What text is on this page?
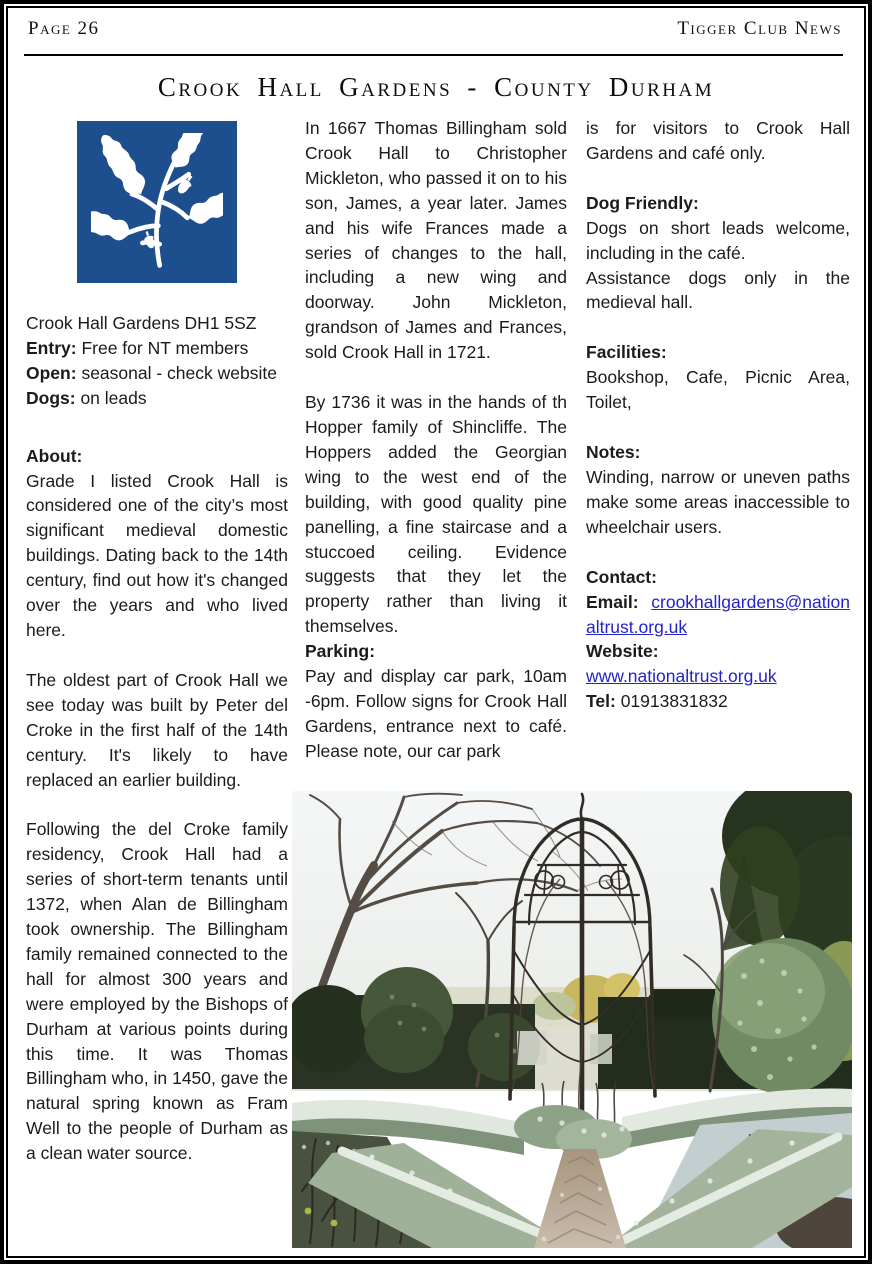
Page 26	Tigger Club News
Crook Hall Gardens - County Durham

Crook Hall Gardens DH1 5SZ

Entry: Free for NT members

Open: seasonal - check website

Dogs: on leads

About:

Grade I listed Crook Hall is considered one of the city’s most significant medieval domestic buildings. Dating back to the 14th century, find out how it's changed over the years and who lived here.

The oldest part of Crook Hall we see today was built by Peter del Croke in the first half of the 14th century. It's likely to have replaced an earlier building.

Following the del Croke family residency, Crook Hall had a series of short-term tenants until 1372, when Alan de Billingham took ownership. The Billingham family remained connected to the hall for almost 300 years and were employed by the Bishops of Durham at various points during this time. It was Thomas Billingham who, in 1450, gave the natural spring known as Fram Well to the people of Durham as a clean water source.

In 1667 Thomas Billingham sold Crook Hall to Christopher Mickleton, who passed it on to his son, James, a year later. James and his wife Frances made a series of changes to the hall, including a new wing and doorway. John Mickleton, grandson of James and Frances, sold Crook Hall in 1721.

By 1736 it was in the hands of th Hopper family of Shincliffe. The Hoppers added the Georgian wing to the west end of the building, with good quality pine panelling, a fine staircase and a stuccoed ceiling. Evidence suggests that they let the property rather than living it themselves.

Parking:

Pay and display car park, 10am -6pm. Follow signs for Crook Hall Gardens, entrance next to café. Please note, our car park

is for visitors to Crook Hall Gardens and café only.

Dog Friendly:

Dogs on short leads welcome, including in the café.

Assistance dogs only in the medieval hall.

Facilities:

Bookshop, Cafe, Picnic Area, Toilet,

Notes:

Winding, narrow or uneven paths make some areas inaccessible to wheelchair users.

Contact:

Email: crookhallgardens@nationaltrust.org.uk

Website:

www.nationaltrust.org.uk

Tel: 01913831832
